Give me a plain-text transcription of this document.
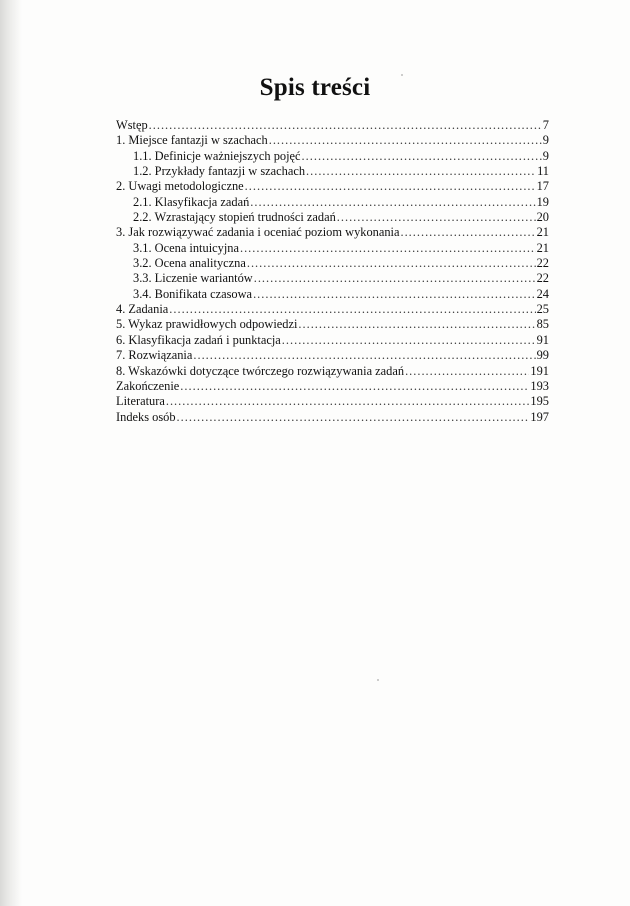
Spis treści
Wstęp .....	7
1. Miejsce fantazji w szachach .....	9
1.1. Definicje ważniejszych pojęć .....	9
1.2. Przykłady fantazji w szachach .....	11
2. Uwagi metodologiczne .....	17
2.1. Klasyfikacja zadań .....	19
2.2. Wzrastający stopień trudności zadań .....	20
3. Jak rozwiązywać zadania i oceniać poziom wykonania .....	21
3.1. Ocena intuicyjna .....	21
3.2. Ocena analityczna .....	22
3.3. Liczenie wariantów .....	22
3.4. Bonifikata czasowa .....	24
4. Zadania .....	25
5. Wykaz prawidłowych odpowiedzi .....	85
6. Klasyfikacja zadań i punktacja .....	91
7. Rozwiązania .....	99
8. Wskazówki dotyczące twórczego rozwiązywania zadań .....	191
Zakończenie .....	193
Literatura .....	195
Indeks osób .....	197
